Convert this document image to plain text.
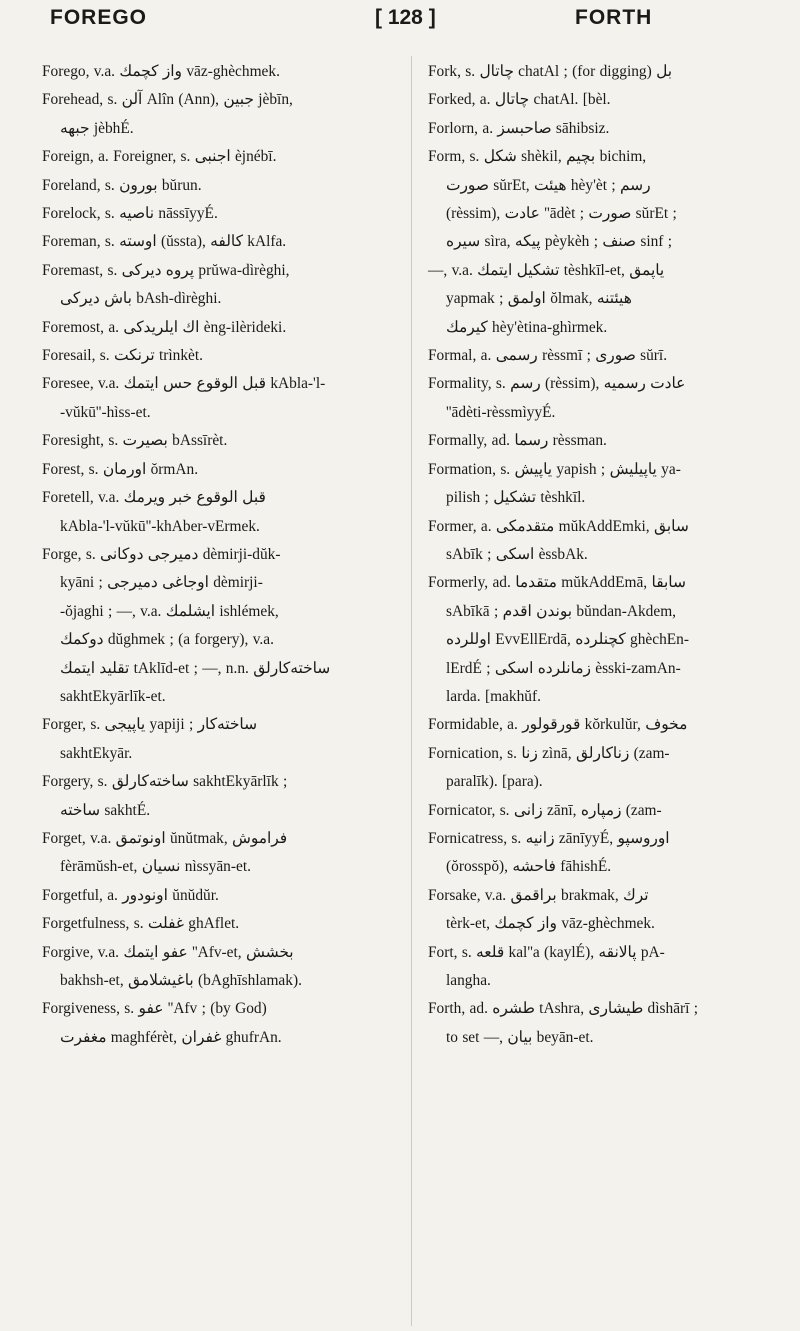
FOREGO	[ 128 ]	FORTH

Forego, v.a. واز كچمك vāz-ghèchmek.

Forehead, s. آلن Alîn (Ann), جبين jèbīn,

جبهه jèbhÉ.

Foreign, a. Foreigner, s. اجنبى èjnébī.

Foreland, s. بورون bŭrun.

Forelock, s. ناصيه nāssīyyÉ.

Foreman, s. اوسته (ŭssta), كالفه kAlfa.

Foremast, s. پروه دیرکی prŭwa-dìrèghi,

باش دیرکی bAsh-dìrèghi.

Foremost, a. اك ايلريدكى èng-ilèrideki.

Foresail, s. ترنكت trìnkèt.

Foresee, v.a. قبل الوقوع حس ايتمك kAbla-'l-

-vŭkū''-hìss-et.

Foresight, s. بصيرت bAssīrèt.

Forest, s. اورمان ŏrmAn.

Foretell, v.a. قبل الوقوع خبر ويرمك

kAbla-'l-vŭkū''-khAber-vErmek.

Forge, s. دمیرجی دوكانى dèmirji-dŭk-

kyāni ; اوجاغى دمیرجى dèmirji-

-ŏjaghi ; —, v.a. ايشلمك ishlémek,

دوكمك dŭghmek ; (a forgery), v.a.

تقليد ايتمك tAklīd-et ; —, n.n. ساختەكارلق

sakhtEkyārlīk-et.

Forger, s. ياپيجى yapiji ; ساختەكار

sakhtEkyār.

Forgery, s. ساختەكارلق sakhtEkyārlīk ;

ساخته sakhtÉ.

Forget, v.a. اونوتمق ŭnŭtmak, فراموش

fèrāmŭsh-et, نسيان nìssyān-et.

Forgetful, a. اونودور ŭnŭdŭr.

Forgetfulness, s. غفلت ghAflet.

Forgive, v.a. عفو ايتمك ''Afv-et, بخشش

bakhsh-et, باغيشلامق (bAghīshlamak).

Forgiveness, s. عفو ''Afv ; (by God)

مغفرت maghférèt, غفران ghufrAn.

Fork, s. چاتال chatAl ; (for digging) بل

Forked, a. چاتال chatAl. [bèl.

Forlorn, a. صاحبسز sāhibsiz.

Form, s. شكل shèkil, بچيم bichim,

صورت sŭrEt, هيئت hèy'èt ; رسم

(rèssim), عادت ''ādèt ; صورت sŭrEt ;

سيره sìra, پيكه pèykèh ; صنف sinf ;

—, v.a. تشكيل ايتمك tèshkīl-et, ياپمق

yapmak ; اولمق ŏlmak, هيئتنه

كيرمك hèy'ètina-ghìrmek.

Formal, a. رسمى rèssmī ; صورى sŭrī.

Formality, s. رسم (rèssim), عادت رسميه

''ādèti-rèssmìyyÉ.

Formally, ad. رسما rèssman.

Formation, s. ياپيش yapish ; ياپيليش ya-

pilish ; تشكيل tèshkīl.

Former, a. متقدمكى mŭkAddEmki, سابق

sAbīk ; اسكى èssbAk.

Formerly, ad. متقدما mŭkAddEmā, سابقا

sAbīkā ; بوندن اقدم bŭndan-Akdem,

اوللرده EvvEllErdā, كچنلرده ghèchEn-

lErdÉ ; زمانلرده اسكى èsski-zamAn-

larda. [makhŭf.

Formidable, a. قورقولور kŏrkulŭr, مخوف

Fornication, s. زنا zìnā, زناكارلق (zam-

paralīk). [para).

Fornicator, s. زانى zānī, زمپاره (zam-

Fornicatress, s. زانيه zānīyyÉ, اوروسپو

(ŏrosspŏ), فاحشه fāhishÉ.

Forsake, v.a. براقمق brakmak, ترك

tèrk-et, واز كچمك vāz-ghèchmek.

Fort, s. قلعه kal''a (kaylÉ), پالانقه pA-

langha.

Forth, ad. طشره tAshra, طيشارى dìshārī ;

to set —, بيان beyān-et.
